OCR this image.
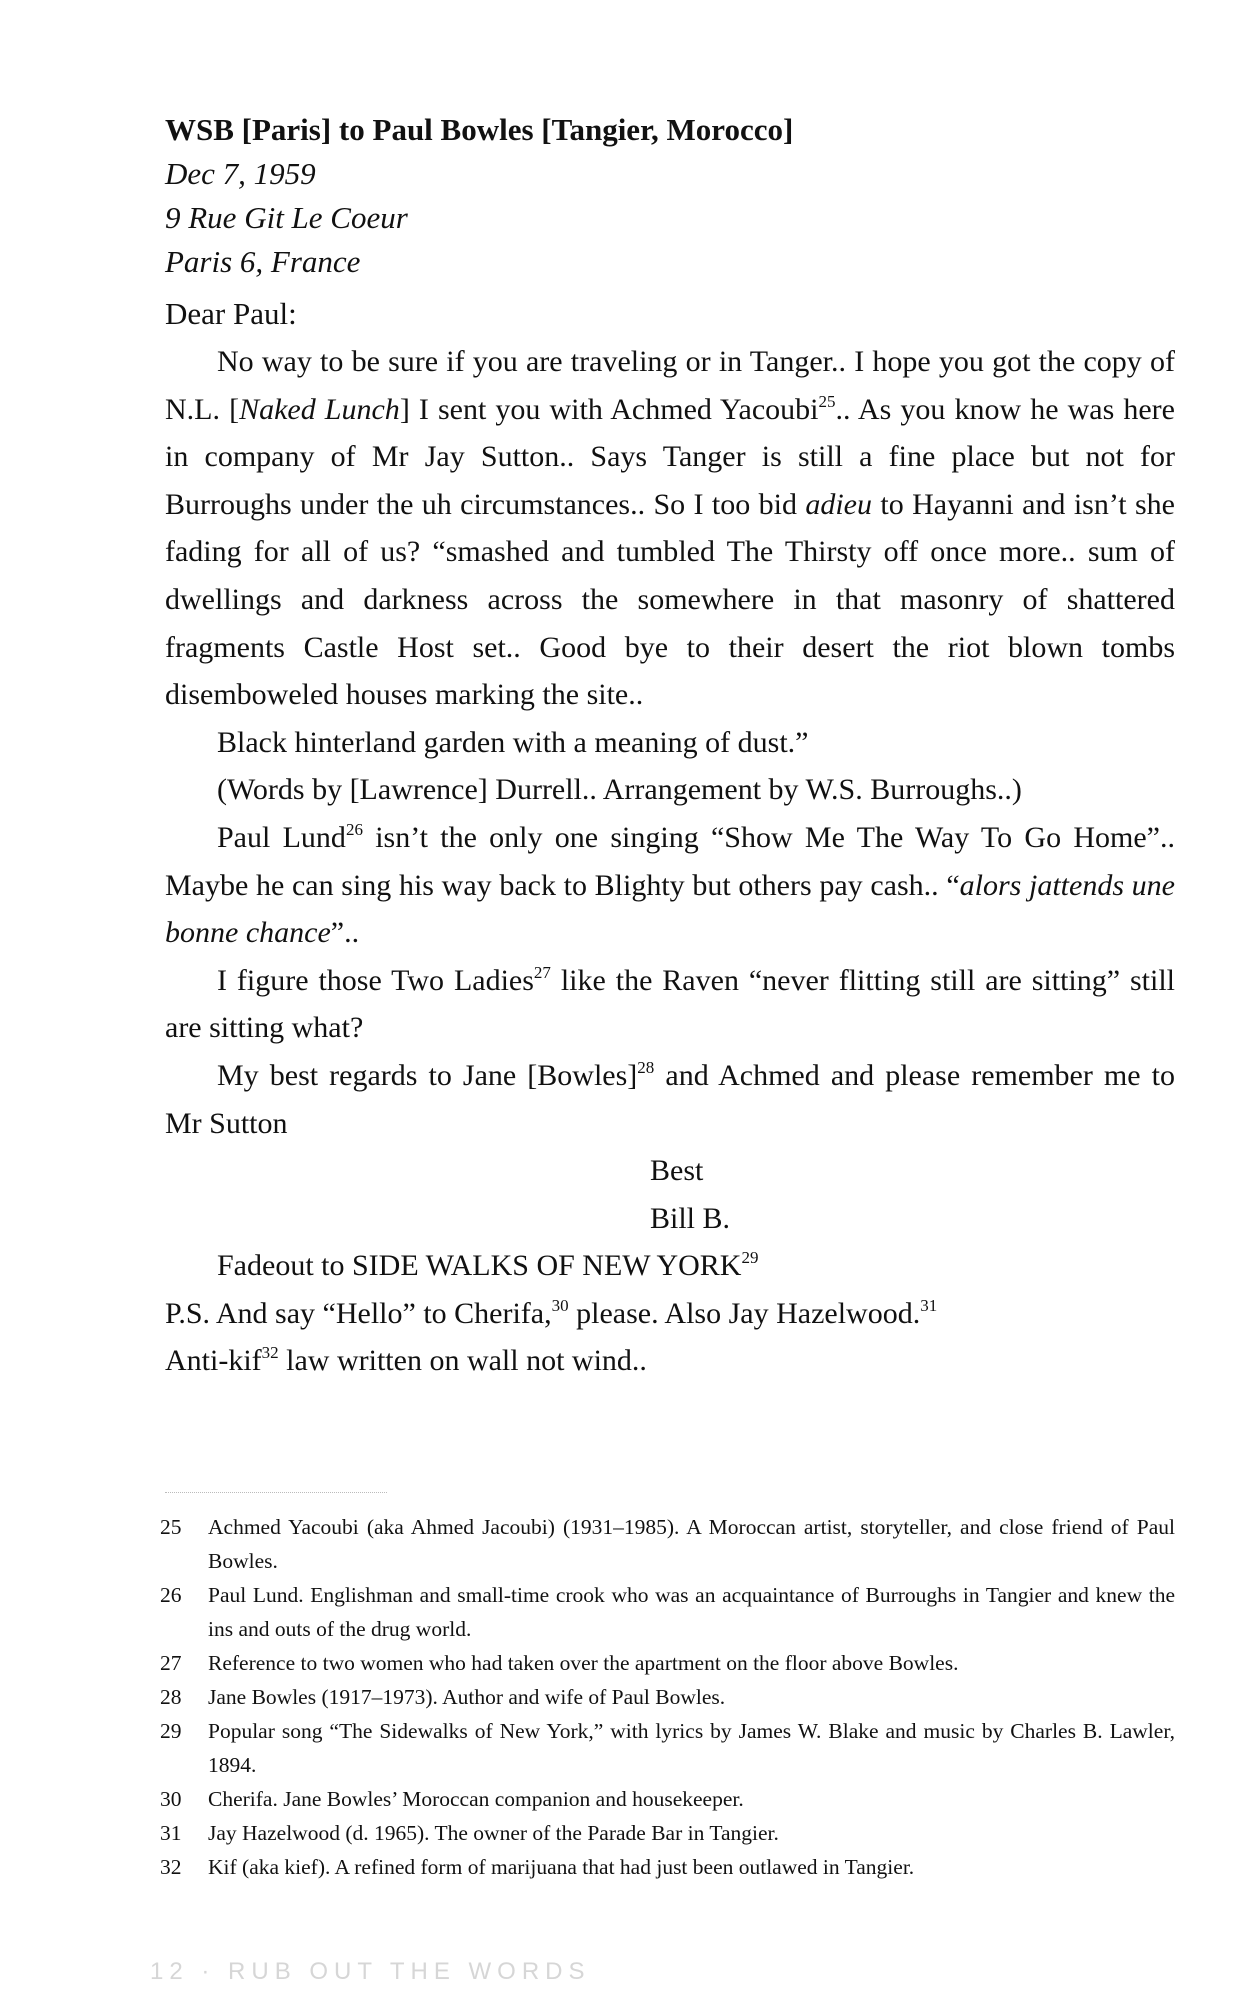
WSB [Paris] to Paul Bowles [Tangier, Morocco]

Dec 7, 1959

9 Rue Git Le Coeur

Paris 6, France

Dear Paul:

No way to be sure if you are traveling or in Tanger.. I hope you got the copy of N.L. [Naked Lunch] I sent you with Achmed Yacoubi$^{25}$.. As you know he was here in company of Mr Jay Sutton.. Says Tanger is still a fine place but not for Burroughs under the uh circumstances.. So I too bid adieu to Hayanni and isn’t she fading for all of us? “smashed and tumbled The Thirsty off once more.. sum of dwellings and darkness across the somewhere in that masonry of shattered fragments Castle Host set.. Good bye to their desert the riot blown tombs disemboweled houses marking the site..

Black hinterland garden with a meaning of dust.”

(Words by [Lawrence] Durrell.. Arrangement by W.S. Burroughs..)

Paul Lund$^{26}$ isn’t the only one singing “Show Me The Way To Go Home”.. Maybe he can sing his way back to Blighty but others pay cash.. “alors jattends une bonne chance”..

I figure those Two Ladies$^{27}$ like the Raven “never flitting still are sitting” still are sitting what?

My best regards to Jane [Bowles]$^{28}$ and Achmed and please remember me to Mr Sutton

Best

Bill B.

Fadeout to SIDE WALKS OF NEW YORK$^{29}$

P.S. And say “Hello” to Cherifa,$^{30}$ please. Also Jay Hazelwood.$^{31}$

Anti-kif$^{32}$ law written on wall not wind..

25	Achmed Yacoubi (aka Ahmed Jacoubi) (1931–1985). A Moroccan artist, storyteller, and close friend of Paul Bowles.
26	Paul Lund. Englishman and small-time crook who was an acquaintance of Burroughs in Tangier and knew the ins and outs of the drug world.
27	Reference to two women who had taken over the apartment on the floor above Bowles.
28	Jane Bowles (1917–1973). Author and wife of Paul Bowles.
29	Popular song “The Sidewalks of New York,” with lyrics by James W. Blake and music by Charles B. Lawler, 1894.
30	Cherifa. Jane Bowles’ Moroccan companion and housekeeper.
31	Jay Hazelwood (d. 1965). The owner of the Parade Bar in Tangier.
32	Kif (aka kief). A refined form of marijuana that had just been outlawed in Tangier.
12 · RUB OUT THE WORDS
